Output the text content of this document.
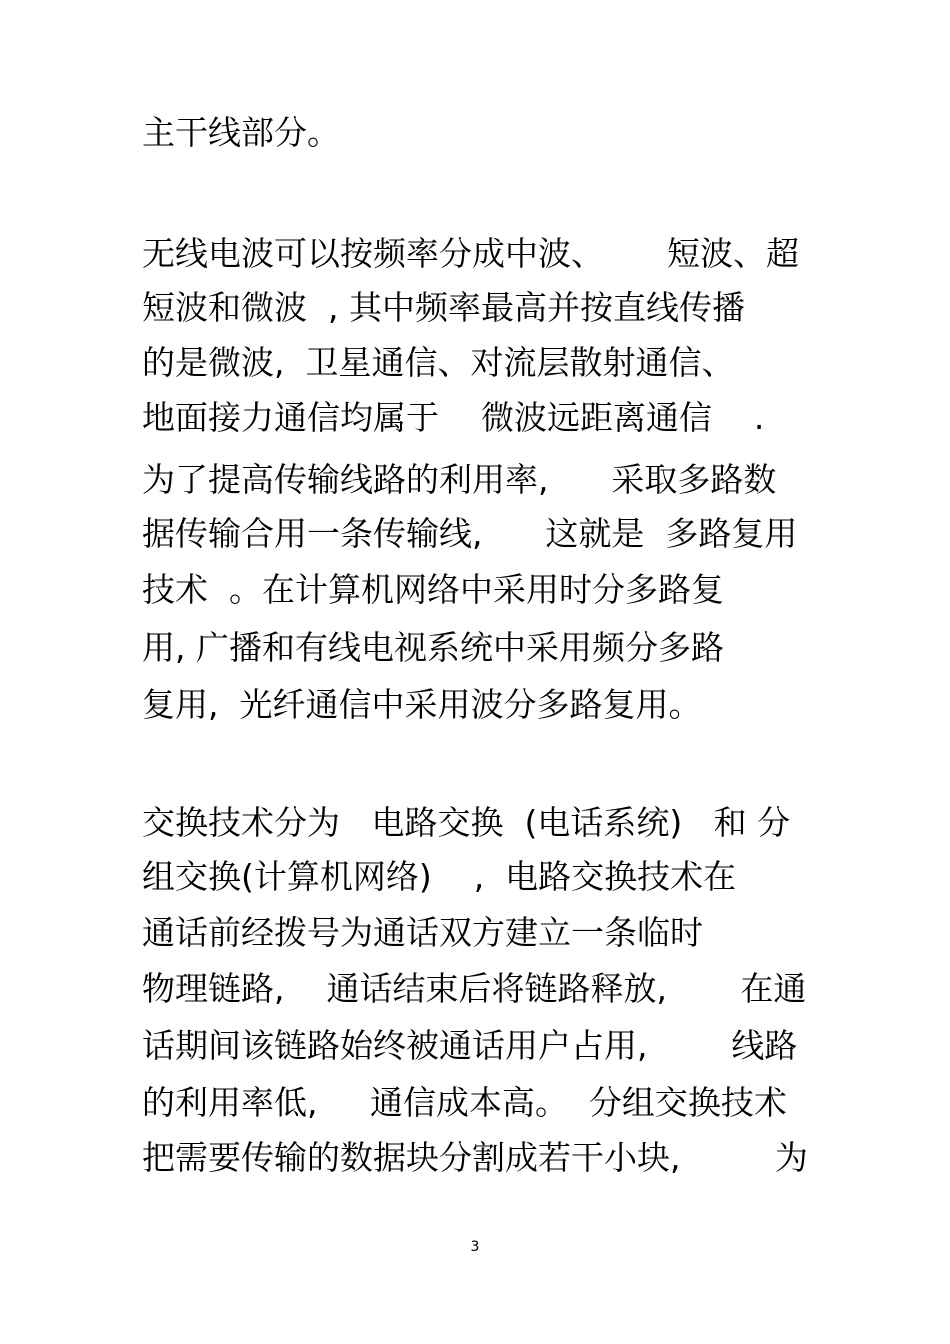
主干线部分。
无线电波可以按频率分成中波、      短波、超
短波和微波  , 其中频率最高并按直线传播
的是微波,  卫星通信、对流层散射通信、
地面接力通信均属于    微波远距离通信    .
为了提高传输线路的利用率,      采取多路数
据传输合用一条传输线,      这就是  多路复用
技术  。在计算机网络中采用时分多路复
用, 广播和有线电视系统中采用频分多路
复用,  光纤通信中采用波分多路复用。
交换技术分为   电路交换  (电话系统)   和 分
组交换(计算机网络)    ,  电路交换技术在
通话前经拨号为通话双方建立一条临时
物理链路,    通话结束后将链路释放,       在通
话期间该链路始终被通话用户占用,        线路
的利用率低,     通信成本高。  分组交换技术
把需要传输的数据块分割成若干小块,         为
3
